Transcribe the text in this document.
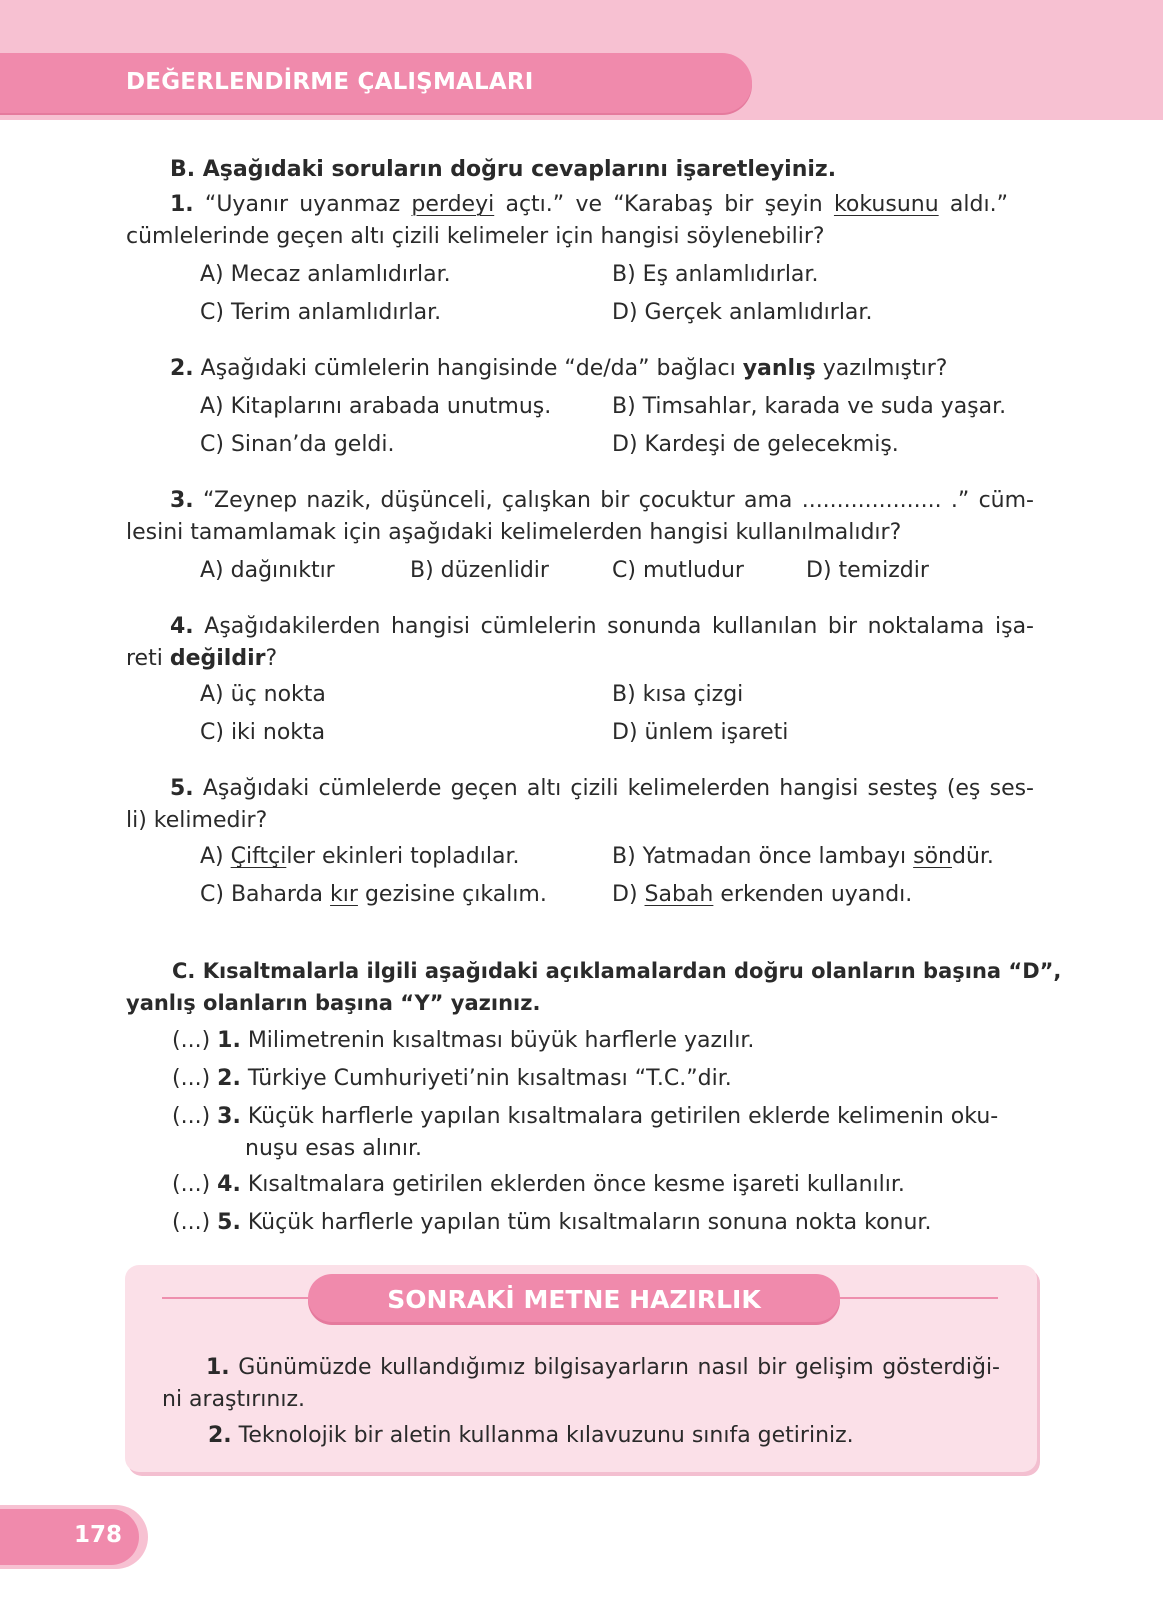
DEĞERLENDİRME ÇALIŞMALARI
B. Aşağıdaki soruların doğru cevaplarını işaretleyiniz.
1. “Uyanır uyanmaz perdeyi açtı.” ve “Karabaş bir şeyin kokusunu aldı.”
cümlelerinde geçen altı çizili kelimeler için hangisi söylenebilir?
A) Mecaz anlamlıdırlar.	B) Eş anlamlıdırlar.
C) Terim anlamlıdırlar.	D) Gerçek anlamlıdırlar.
2. Aşağıdaki cümlelerin hangisinde “de/da” bağlacı yanlış yazılmıştır?
A) Kitaplarını arabada unutmuş.	B) Timsahlar, karada ve suda yaşar.
C) Sinan’da geldi.	D) Kardeşi de gelecekmiş.
3. “Zeynep nazik, düşünceli, çalışkan bir çocuktur ama .................... .” cüm-
lesini tamamlamak için aşağıdaki kelimelerden hangisi kullanılmalıdır?
A) dağınıktır	B) düzenlidir	C) mutludur	D) temizdir
4. Aşağıdakilerden hangisi cümlelerin sonunda kullanılan bir noktalama işa-
reti değildir?
A) üç nokta	B) kısa çizgi
C) iki nokta	D) ünlem işareti
5. Aşağıdaki cümlelerde geçen altı çizili kelimelerden hangisi sesteş (eş ses-
li) kelimedir?
A) Çiftçiler ekinleri topladılar.	B) Yatmadan önce lambayı söndür.
C) Baharda kır gezisine çıkalım.	D) Sabah erkenden uyandı.
C. Kısaltmalarla ilgili aşağıdaki açıklamalardan doğru olanların başına “D”,
yanlış olanların başına “Y” yazınız.
(...) 1. Milimetrenin kısaltması büyük harflerle yazılır.
(...) 2. Türkiye Cumhuriyeti’nin kısaltması “T.C.”dir.
(...) 3. Küçük harflerle yapılan kısaltmalara getirilen eklerde kelimenin oku-
nuşu esas alınır.
(...) 4. Kısaltmalara getirilen eklerden önce kesme işareti kullanılır.
(...) 5. Küçük harflerle yapılan tüm kısaltmaların sonuna nokta konur.
SONRAKİ METNE HAZIRLIK
1. Günümüzde kullandığımız bilgisayarların nasıl bir gelişim gösterdiği-
ni araştırınız.
2. Teknolojik bir aletin kullanma kılavuzunu sınıfa getiriniz.
178
